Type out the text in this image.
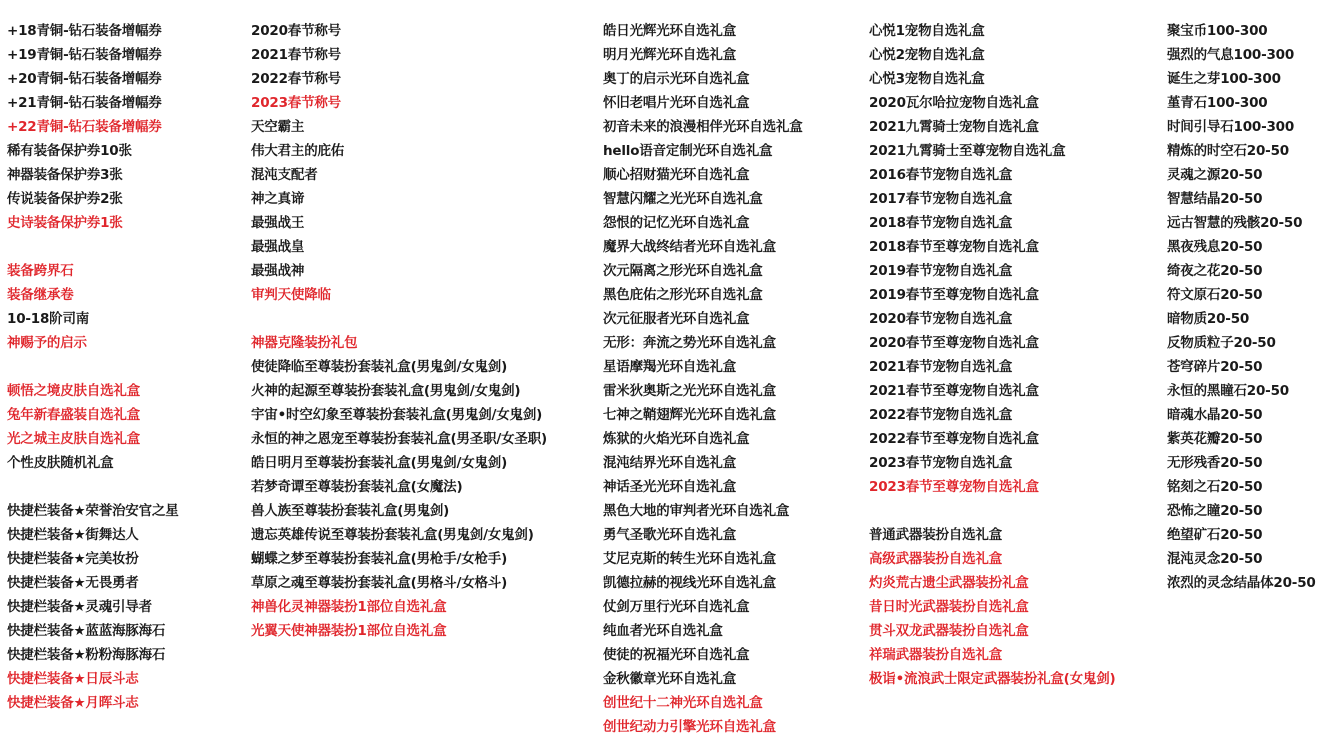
+18青铜-钻石装备增幅券
+19青铜-钻石装备增幅券
+20青铜-钻石装备增幅券
+21青铜-钻石装备增幅券
+22青铜-钻石装备增幅券
稀有装备保护券10张
神器装备保护券3张
传说装备保护券2张
史诗装备保护券1张
装备跨界石
装备继承卷
10-18阶司南
神赐予的启示
顿悟之境皮肤自选礼盒
兔年新春盛装自选礼盒
光之城主皮肤自选礼盒
个性皮肤随机礼盒
快捷栏装备★荣誉治安官之星
快捷栏装备★街舞达人
快捷栏装备★完美妆扮
快捷栏装备★无畏勇者
快捷栏装备★灵魂引导者
快捷栏装备★蓝蓝海豚海石
快捷栏装备★粉粉海豚海石
快捷栏装备★日辰斗志
快捷栏装备★月晖斗志
2020春节称号
2021春节称号
2022春节称号
2023春节称号
天空霸主
伟大君主的庇佑
混沌支配者
神之真谛
最强战王
最强战皇
最强战神
审判天使降临
神器克隆装扮礼包
使徒降临至尊装扮套装礼盒(男鬼剑/女鬼剑)
火神的起源至尊装扮套装礼盒(男鬼剑/女鬼剑)
宇宙•时空幻象至尊装扮套装礼盒(男鬼剑/女鬼剑)
永恒的神之恩宠至尊装扮套装礼盒(男圣职/女圣职)
皓日明月至尊装扮套装礼盒(男鬼剑/女鬼剑)
若梦奇谭至尊装扮套装礼盒(女魔法)
兽人族至尊装扮套装礼盒(男鬼剑)
遗忘英雄传说至尊装扮套装礼盒(男鬼剑/女鬼剑)
蝴蝶之梦至尊装扮套装礼盒(男枪手/女枪手)
草原之魂至尊装扮套装礼盒(男格斗/女格斗)
神兽化灵神器装扮1部位自选礼盒
光翼天使神器装扮1部位自选礼盒
皓日光辉光环自选礼盒
明月光辉光环自选礼盒
奥丁的启示光环自选礼盒
怀旧老唱片光环自选礼盒
初音未来的浪漫相伴光环自选礼盒
hello语音定制光环自选礼盒
顺心招财猫光环自选礼盒
智慧闪耀之光光环自选礼盒
怨恨的记忆光环自选礼盒
魔界大战终结者光环自选礼盒
次元隔离之形光环自选礼盒
黑色庇佑之形光环自选礼盒
次元征服者光环自选礼盒
无形：奔流之势光环自选礼盒
星语摩羯光环自选礼盒
雷米狄奥斯之光光环自选礼盒
七神之鞘翅辉光光环自选礼盒
炼狱的火焰光环自选礼盒
混沌结界光环自选礼盒
神话圣光光环自选礼盒
黑色大地的审判者光环自选礼盒
勇气圣歌光环自选礼盒
艾尼克斯的转生光环自选礼盒
凯德拉赫的视线光环自选礼盒
仗剑万里行光环自选礼盒
纯血者光环自选礼盒
使徒的祝福光环自选礼盒
金秋徽章光环自选礼盒
创世纪十二神光环自选礼盒
创世纪动力引擎光环自选礼盒
心悦1宠物自选礼盒
心悦2宠物自选礼盒
心悦3宠物自选礼盒
2020瓦尔哈拉宠物自选礼盒
2021九霄骑士宠物自选礼盒
2021九霄骑士至尊宠物自选礼盒
2016春节宠物自选礼盒
2017春节宠物自选礼盒
2018春节宠物自选礼盒
2018春节至尊宠物自选礼盒
2019春节宠物自选礼盒
2019春节至尊宠物自选礼盒
2020春节宠物自选礼盒
2020春节至尊宠物自选礼盒
2021春节宠物自选礼盒
2021春节至尊宠物自选礼盒
2022春节宠物自选礼盒
2022春节至尊宠物自选礼盒
2023春节宠物自选礼盒
2023春节至尊宠物自选礼盒
普通武器装扮自选礼盒
高级武器装扮自选礼盒
灼炎荒古遗尘武器装扮礼盒
昔日时光武器装扮自选礼盒
贯斗双龙武器装扮自选礼盒
祥瑞武器装扮自选礼盒
极诣•流浪武士限定武器装扮礼盒(女鬼剑)
聚宝币100-300
强烈的气息100-300
诞生之芽100-300
堇青石100-300
时间引导石100-300
精炼的时空石20-50
灵魂之源20-50
智慧结晶20-50
远古智慧的残骸20-50
黑夜残息20-50
绮夜之花20-50
符文原石20-50
暗物质20-50
反物质粒子20-50
苍穹碎片20-50
永恒的黑瞳石20-50
暗魂水晶20-50
紫英花瓣20-50
无形残香20-50
铭刻之石20-50
恐怖之瞳20-50
绝望矿石20-50
混沌灵念20-50
浓烈的灵念结晶体20-50
